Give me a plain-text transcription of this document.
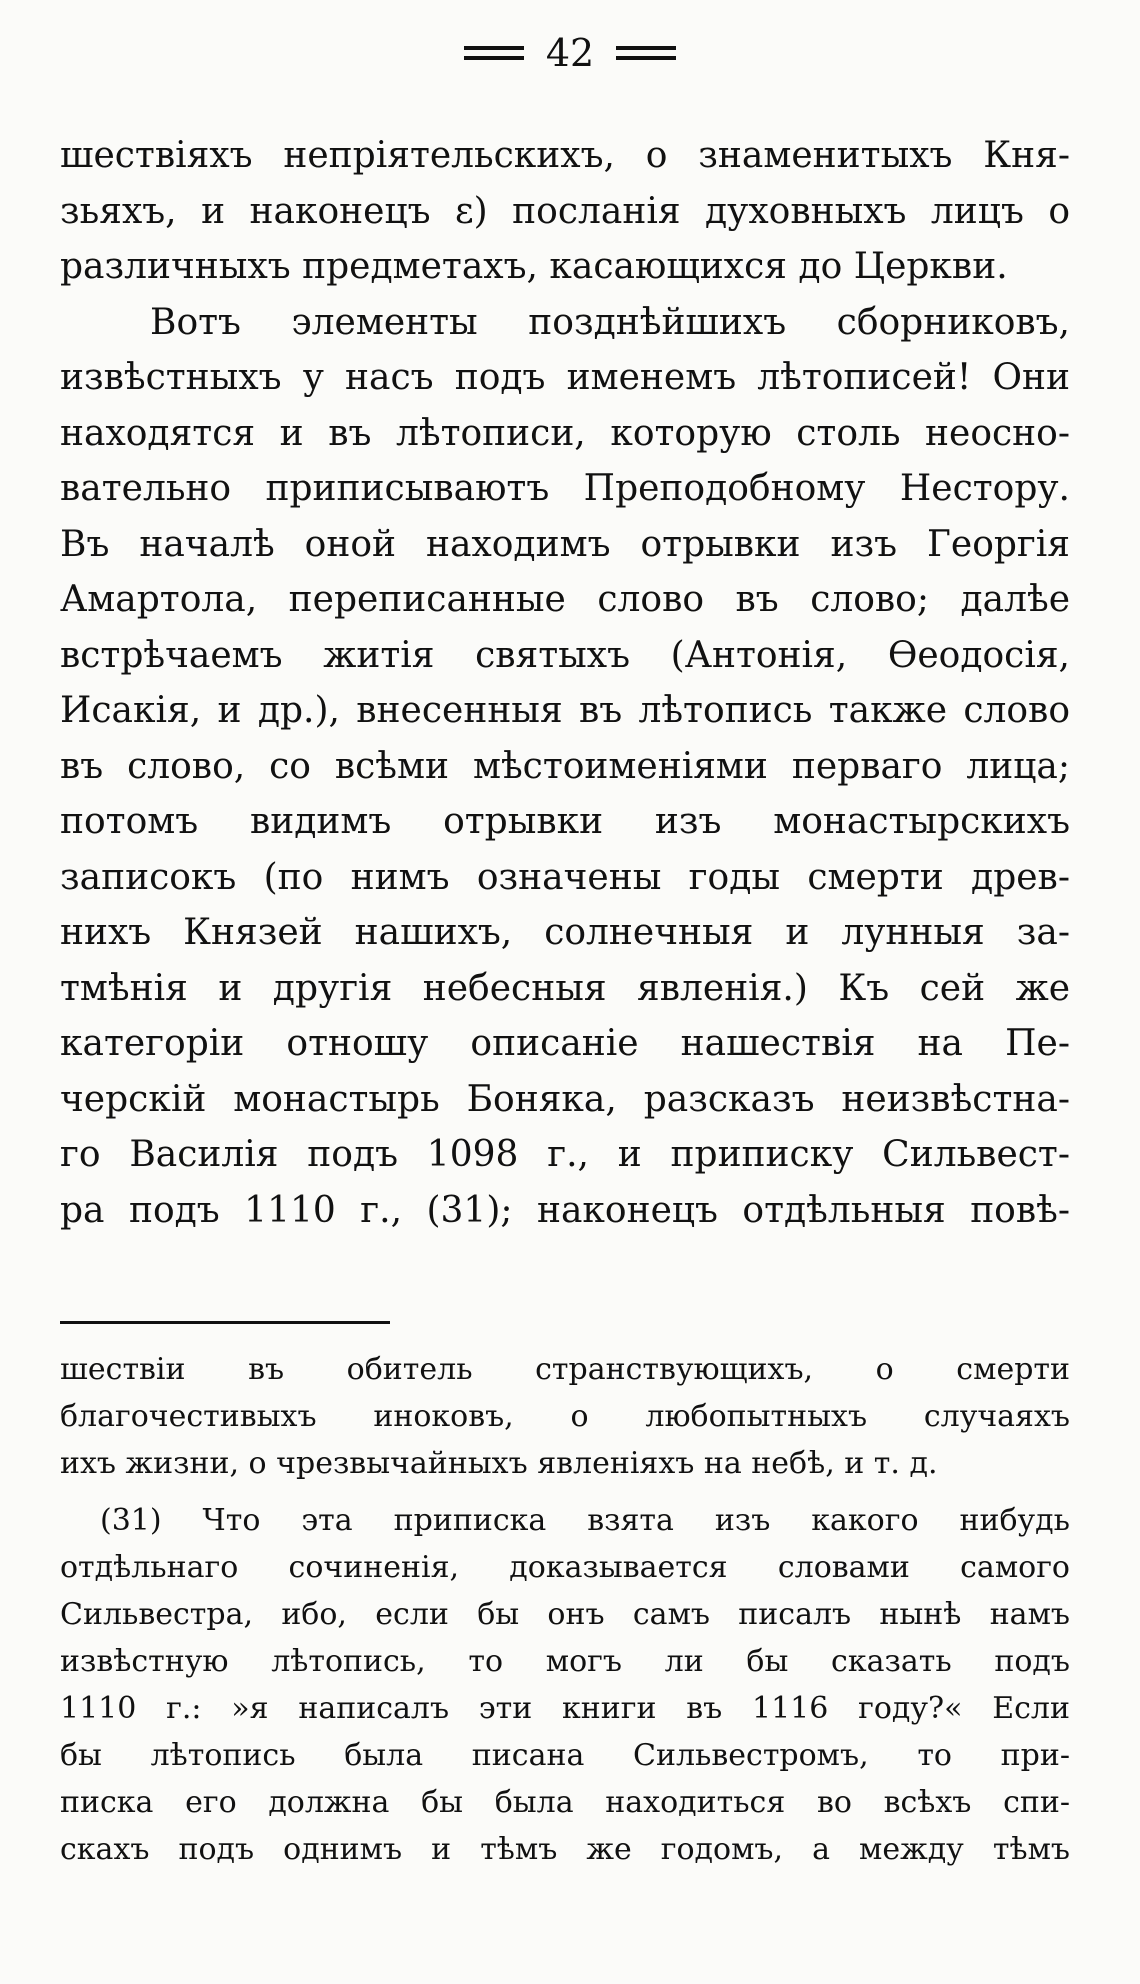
42
шествіяхъ непріятельскихъ, о знаменитыхъ Кня-
зьяхъ, и наконецъ ε) посланія духовныхъ лицъ о
различныхъ предметахъ, касающихся до Церкви.
Вотъ элементы позднѣйшихъ сборниковъ,
извѣстныхъ у насъ подъ именемъ лѣтописей! Они
находятся и въ лѣтописи, которую столь неосно-
вательно приписываютъ Преподобному Нестору.
Въ началѣ оной находимъ отрывки изъ Георгія
Амартола, переписанные слово въ слово; далѣе
встрѣчаемъ житія святыхъ (Антонія, Ѳеодосія,
Исакія, и др.), внесенныя въ лѣтопись также слово
въ слово, со всѣми мѣстоименіями перваго лица;
потомъ видимъ отрывки изъ монастырскихъ
записокъ (по нимъ означены годы смерти древ-
нихъ Князей нашихъ, солнечныя и лунныя за-
тмѣнія и другія небесныя явленія.) Къ сей же
категоріи отношу описаніе нашествія на Пе-
черскій монастырь Боняка, разсказъ неизвѣстна-
го Василія подъ 1098 г., и приписку Сильвест-
ра подъ 1110 г., (31); наконецъ отдѣльныя повѣ-
шествіи въ обитель странствующихъ, о смерти
благочестивыхъ иноковъ, о любопытныхъ случаяхъ
ихъ жизни, о чрезвычайныхъ явленіяхъ на небѣ, и т. д.
(31) Что эта приписка взята изъ какого нибудь
отдѣльнаго сочиненія, доказывается словами самого
Сильвестра, ибо, если бы онъ самъ писалъ нынѣ намъ
извѣстную лѣтопись, то могъ ли бы сказать подъ
1110 г.: »я написалъ эти книги въ 1116 году?« Если
бы лѣтопись была писана Сильвестромъ, то при-
писка его должна бы была находиться во всѣхъ спи-
скахъ подъ однимъ и тѣмъ же годомъ, а между тѣмъ
